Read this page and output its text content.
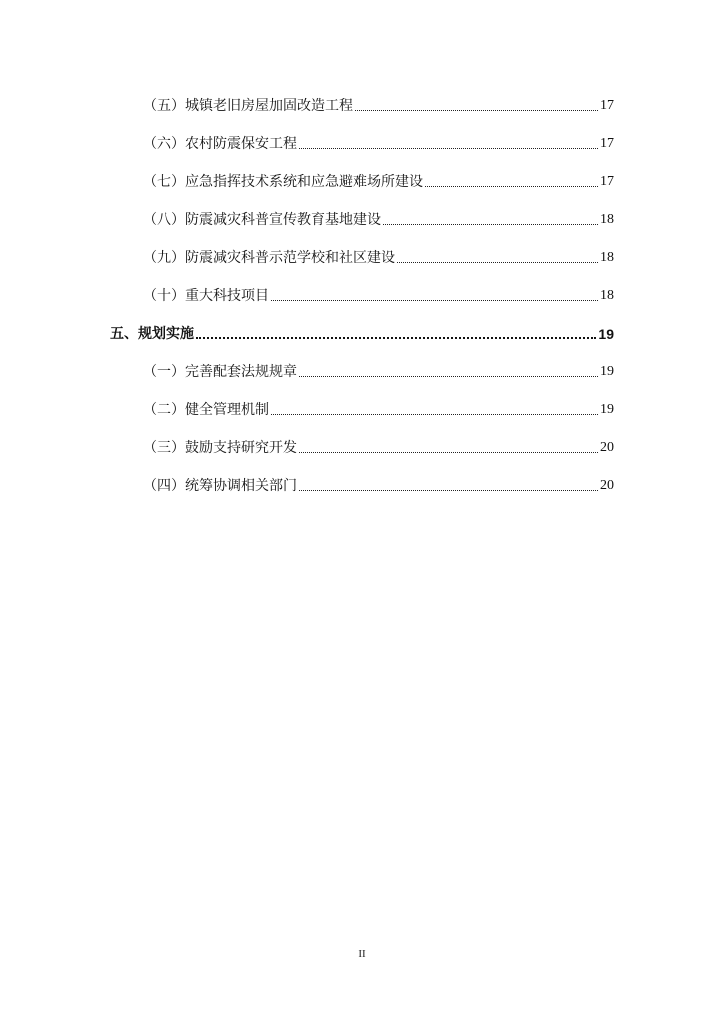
（五）城镇老旧房屋加固改造工程	17
（六）农村防震保安工程	17
（七）应急指挥技术系统和应急避难场所建设	17
（八）防震减灾科普宣传教育基地建设	18
（九）防震减灾科普示范学校和社区建设	18
（十）重大科技项目	18
五、规划实施	19
（一）完善配套法规规章	19
（二）健全管理机制	19
（三）鼓励支持研究开发	20
（四）统筹协调相关部门	20
II
